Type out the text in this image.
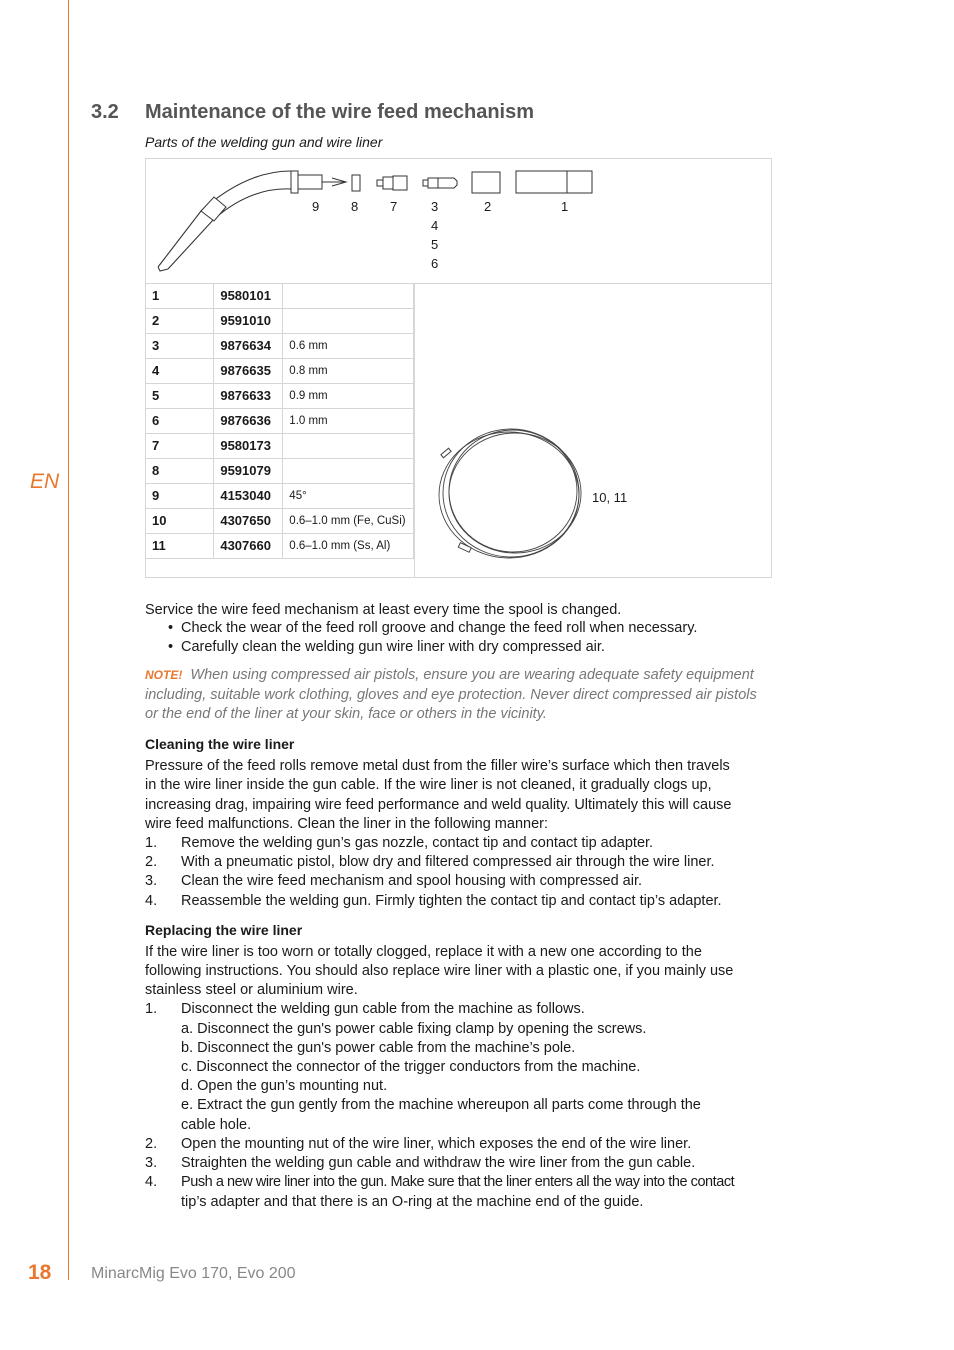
EN
3.2 Maintenance of the wire feed mechanism
Parts of the welding gun and wire liner
9 8 7	3
4
5
6
2	1
1	9580101	
2	9591010	
3	9876634	0.6 mm
4	9876635	0.8 mm
5	9876633	0.9 mm
6	9876636	1.0 mm
7	9580173	
8	9591079	
9	4153040	45°
10	4307650	0.6–1.0 mm (Fe, CuSi)
11	4307660	0.6–1.0 mm (Ss, Al)
10, 11
Service the wire feed mechanism at least every time the spool is changed.
• Check the wear of the feed roll groove and change the feed roll when necessary.
• Carefully clean the welding gun wire liner with dry compressed air.
NOTE! When using compressed air pistols, ensure you are wearing adequate safety equipment including, suitable work clothing, gloves and eye protection. Never direct compressed air pistols or the end of the liner at your skin, face or others in the vicinity.
Cleaning the wire liner
Pressure of the feed rolls remove metal dust from the filler wire’s surface which then travels
in the wire liner inside the gun cable. If the wire liner is not cleaned, it gradually clogs up,
increasing drag, impairing wire feed performance and weld quality. Ultimately this will cause
wire feed malfunctions. Clean the liner in the following manner:
1. Remove the welding gun’s gas nozzle, contact tip and contact tip adapter.
2. With a pneumatic pistol, blow dry and filtered compressed air through the wire liner.
3. Clean the wire feed mechanism and spool housing with compressed air.
4. Reassemble the welding gun. Firmly tighten the contact tip and contact tip’s adapter.
Replacing the wire liner
If the wire liner is too worn or totally clogged, replace it with a new one according to the
following instructions. You should also replace wire liner with a plastic one, if you mainly use
stainless steel or aluminium wire.
1. Disconnect the welding gun cable from the machine as follows.
a. Disconnect the gun's power cable fixing clamp by opening the screws.
b. Disconnect the gun's power cable from the machine’s pole.
c. Disconnect the connector of the trigger conductors from the machine.
d. Open the gun’s mounting nut.
e. Extract the gun gently from the machine whereupon all parts come through the
cable hole.
2. Open the mounting nut of the wire liner, which exposes the end of the wire liner.
3. Straighten the welding gun cable and withdraw the wire liner from the gun cable.
4. Push a new wire liner into the gun. Make sure that the liner enters all the way into the contact
tip’s adapter and that there is an O-ring at the machine end of the guide.
18 MinarcMig Evo 170, Evo 200
